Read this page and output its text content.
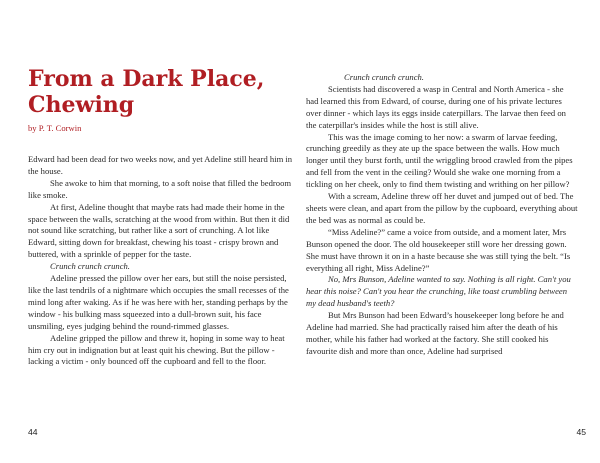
From a Dark Place,
Chewing

by P. T. Corwin

Edward had been dead for two weeks now, and yet Adeline still heard him in the house.

She awoke to him that morning, to a soft noise that filled the bedroom like smoke.

At first, Adeline thought that maybe rats had made their home in the space between the walls, scratching at the wood from within. But then it did not sound like scratching, but rather like a sort of crunching. A lot like Edward, sitting down for breakfast, chewing his toast - crispy brown and buttered, with a sprinkle of pepper for the taste.

Crunch crunch crunch.

Adeline pressed the pillow over her ears, but still the noise persisted, like the last tendrils of a nightmare which occupies the small recesses of the mind long after waking. As if he was here with her, standing perhaps by the window - his bulking mass squeezed into a dull-brown suit, his face unsmiling, eyes judging behind the round-rimmed glasses.

Adeline gripped the pillow and threw it, hoping in some way to heat him cry out in indignation but at least quit his chewing. But the pillow - lacking a victim - only bounced off the cupboard and fell to the floor.

44

Crunch crunch crunch.

Scientists had discovered a wasp in Central and North America - she had learned this from Edward, of course, during one of his private lectures over dinner - which lays its eggs inside caterpillars. The larvae then feed on the caterpillar's insides while the host is still alive.

This was the image coming to her now: a swarm of larvae feeding, crunching greedily as they ate up the space between the walls. How much longer until they burst forth, until the wriggling brood crawled from the pipes and fell from the vent in the ceiling? Would she wake one morning from a tickling on her cheek, only to find them twisting and writhing on her pillow?

With a scream, Adeline threw off her duvet and jumped out of bed. The sheets were clean, and apart from the pillow by the cupboard, everything about the bed was as normal as could be.

“Miss Adeline?” came a voice from outside, and a moment later, Mrs Bunson opened the door. The old housekeeper still wore her dressing gown. She must have thrown it on in a haste because she was still tying the belt. “Is everything all right, Miss Adeline?”

No, Mrs Bunson, Adeline wanted to say. Nothing is all right. Can't you hear this noise? Can't you hear the crunching, like toast crumbling between my dead husband's teeth?

But Mrs Bunson had been Edward’s housekeeper long before he and Adeline had married. She had practically raised him after the death of his mother, while his father had worked at the factory. She still cooked his favourite dish and more than once, Adeline had surprised

45
